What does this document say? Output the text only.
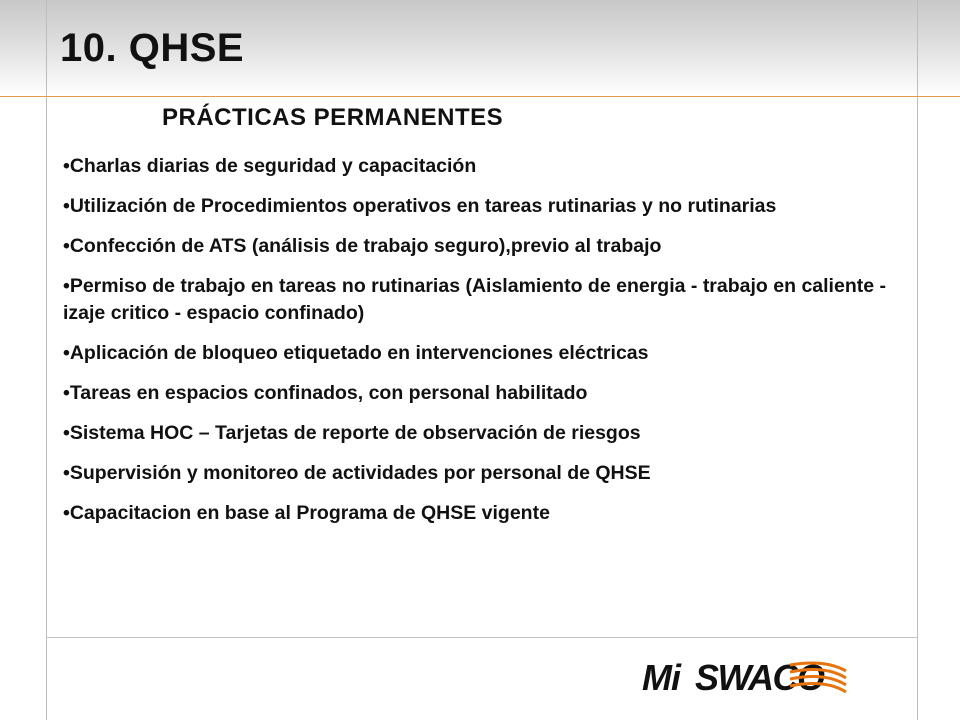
10. QHSE
PRÁCTICAS PERMANENTES
•Charlas diarias de seguridad y capacitación
•Utilización de Procedimientos operativos en tareas rutinarias y no rutinarias
•Confección de ATS (análisis de trabajo seguro),previo al trabajo
•Permiso de trabajo en tareas no rutinarias (Aislamiento de energia - trabajo en caliente - izaje critico - espacio confinado)
•Aplicación de bloqueo etiquetado en intervenciones eléctricas
•Tareas en espacios confinados, con personal habilitado
•Sistema HOC – Tarjetas de reporte de observación de riesgos
•Supervisión y monitoreo de actividades por personal de QHSE
•Capacitacion en base al Programa de QHSE vigente
Mi SWACO
